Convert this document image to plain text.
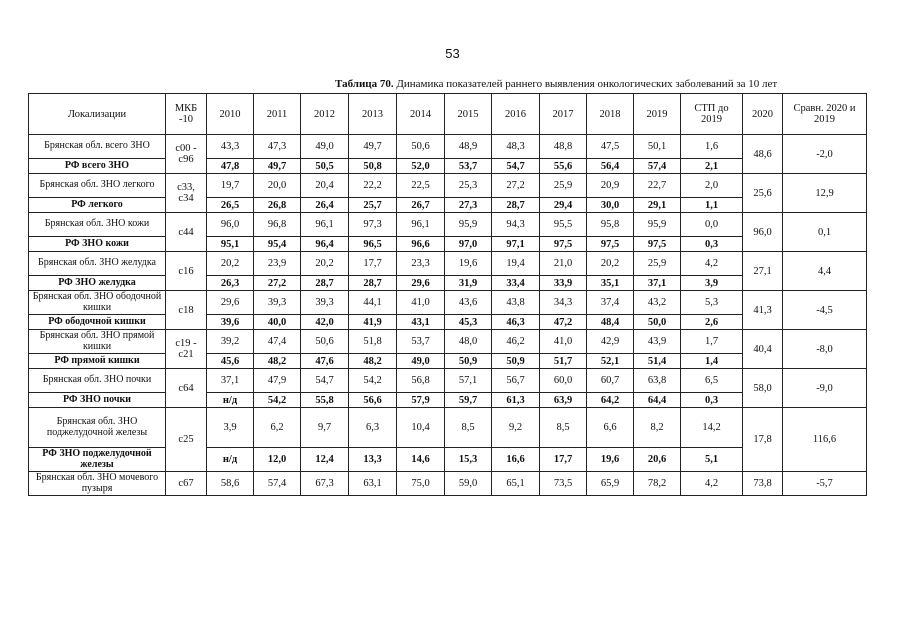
53
Таблица 70. Динамика показателей раннего выявления онкологических заболеваний за 10 лет
Локализации	МКБ -10	2010	2011	2012	2013	2014	2015	2016	2017	2018	2019	СТП до 2019	2020	Сравн. 2020 и 2019
Брянская обл. всего ЗНО	с00 - с96	43,3	47,3	49,0	49,7	50,6	48,9	48,3	48,8	47,5	50,1	1,6	48,6	-2,0
РФ всего ЗНО		47,8	49,7	50,5	50,8	52,0	53,7	54,7	55,6	56,4	57,4	2,1		
Брянская обл. ЗНО легкого	с33, с34	19,7	20,0	20,4	22,2	22,5	25,3	27,2	25,9	20,9	22,7	2,0	25,6	12,9
РФ легкого		26,5	26,8	26,4	25,7	26,7	27,3	28,7	29,4	30,0	29,1	1,1		
Брянская обл. ЗНО кожи	с44	96,0	96,8	96,1	97,3	96,1	95,9	94,3	95,5	95,8	95,9	0,0	96,0	0,1
РФ ЗНО кожи		95,1	95,4	96,4	96,5	96,6	97,0	97,1	97,5	97,5	97,5	0,3		
Брянская обл. ЗНО желудка	с16	20,2	23,9	20,2	17,7	23,3	19,6	19,4	21,0	20,2	25,9	4,2	27,1	4,4
РФ ЗНО желудка		26,3	27,2	28,7	28,7	29,6	31,9	33,4	33,9	35,1	37,1	3,9		
Брянская обл. ЗНО ободочной кишки	с18	29,6	39,3	39,3	44,1	41,0	43,6	43,8	34,3	37,4	43,2	5,3	41,3	-4,5
РФ ободочной кишки		39,6	40,0	42,0	41,9	43,1	45,3	46,3	47,2	48,4	50,0	2,6		
Брянская обл. ЗНО прямой кишки	с19 - с21	39,2	47,4	50,6	51,8	53,7	48,0	46,2	41,0	42,9	43,9	1,7	40,4	-8,0
РФ прямой кишки		45,6	48,2	47,6	48,2	49,0	50,9	50,9	51,7	52,1	51,4	1,4		
Брянская обл. ЗНО почки	с64	37,1	47,9	54,7	54,2	56,8	57,1	56,7	60,0	60,7	63,8	6,5	58,0	-9,0
РФ ЗНО почки		н/д	54,2	55,8	56,6	57,9	59,7	61,3	63,9	64,2	64,4	0,3		
Брянская обл. ЗНО поджелудочной железы	с25	3,9	6,2	9,7	6,3	10,4	8,5	9,2	8,5	6,6	8,2	14,2	17,8	116,6
РФ ЗНО поджелудочной железы		н/д	12,0	12,4	13,3	14,6	15,3	16,6	17,7	19,6	20,6	5,1		
Брянская обл. ЗНО мочевого пузыря	с67	58,6	57,4	67,3	63,1	75,0	59,0	65,1	73,5	65,9	78,2	4,2	73,8	-5,7
